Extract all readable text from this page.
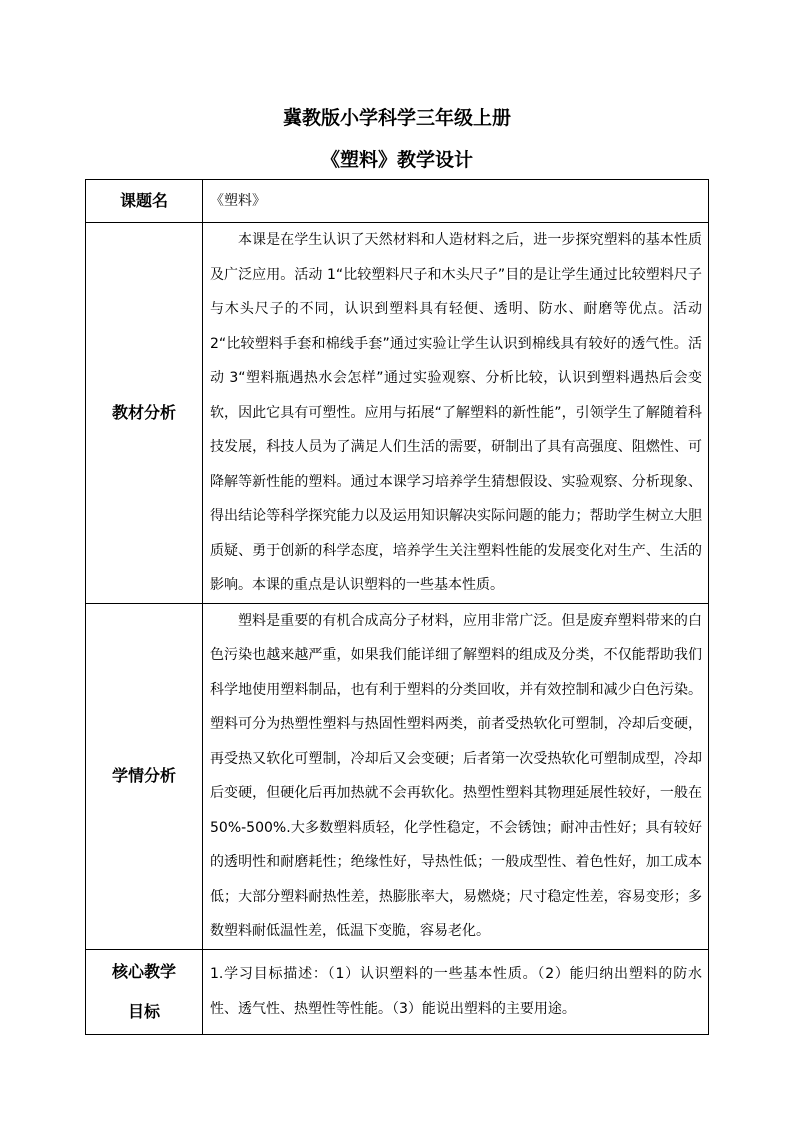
冀教版小学科学三年级上册
《塑料》教学设计
课题名	《塑料》
教材分析	本课是在学生认识了天然材料和人造材料之后，进一步探究塑料的基本性质及广泛应用。活动 1“比较塑料尺子和木头尺子”目的是让学生通过比较塑料尺子与木头尺子的不同，认识到塑料具有轻便、透明、防水、耐磨等优点。活动 2“比较塑料手套和棉线手套”通过实验让学生认识到棉线具有较好的透气性。活动 3“塑料瓶遇热水会怎样”通过实验观察、分析比较，认识到塑料遇热后会变软，因此它具有可塑性。应用与拓展“了解塑料的新性能”，引领学生了解随着科技发展，科技人员为了满足人们生活的需要，研制出了具有高强度、阻燃性、可降解等新性能的塑料。通过本课学习培养学生猜想假设、实验观察、分析现象、得出结论等科学探究能力以及运用知识解决实际问题的能力；帮助学生树立大胆质疑、勇于创新的科学态度，培养学生关注塑料性能的发展变化对生产、生活的影响。本课的重点是认识塑料的一些基本性质。

学情分析	塑料是重要的有机合成高分子材料，应用非常广泛。但是废弃塑料带来的白色污染也越来越严重，如果我们能详细了解塑料的组成及分类，不仅能帮助我们科学地使用塑料制品，也有利于塑料的分类回收，并有效控制和减少白色污染。塑料可分为热塑性塑料与热固性塑料两类，前者受热软化可塑制，冷却后变硬，再受热又软化可塑制，冷却后又会变硬；后者第一次受热软化可塑制成型，冷却后变硬，但硬化后再加热就不会再软化。热塑性塑料其物理延展性较好，一般在 50%-500%.大多数塑料质轻，化学性稳定，不会锈蚀；耐冲击性好；具有较好的透明性和耐磨耗性；绝缘性好，导热性低；一般成型性、着色性好，加工成本低；大部分塑料耐热性差，热膨胀率大，易燃烧；尺寸稳定性差，容易变形；多数塑料耐低温性差，低温下变脆，容易老化。

核心教学
目标	1.学习目标描述：（1）认识塑料的一些基本性质。（2）能归纳出塑料的防水性、透气性、热塑性等性能。（3）能说出塑料的主要用途。
